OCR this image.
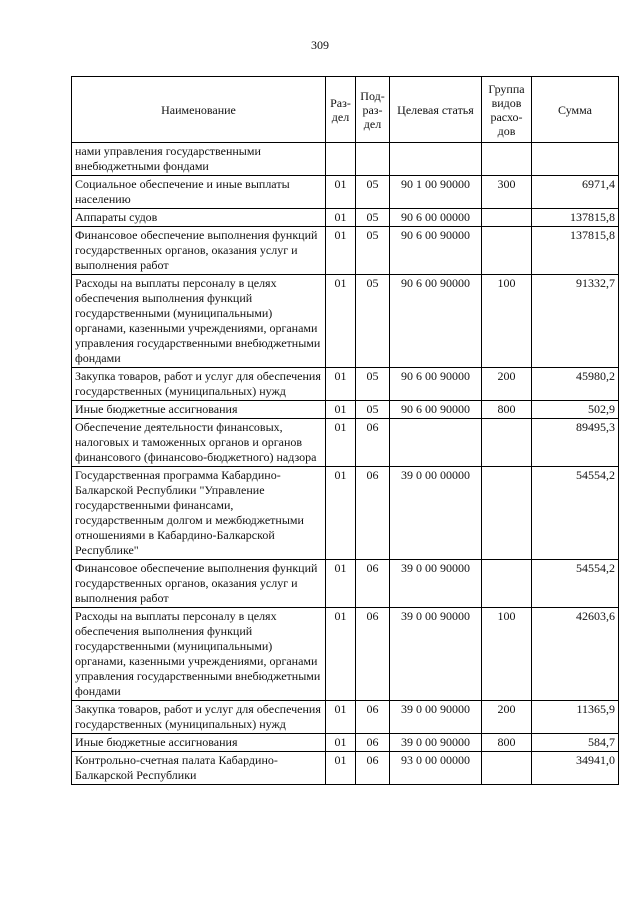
309
Наименование	Раз- дел	Под- раз- дел	Целевая статья	Группа видов расхо- дов	Сумма
нами управления государственными внебюджетными фондами					
Социальное обеспечение и иные выплаты населению	01	05	90 1 00 90000	300	6971,4
Аппараты судов	01	05	90 6 00 00000		137815,8
Финансовое обеспечение выполнения функций государственных органов, оказания услуг и выполнения работ	01	05	90 6 00 90000		137815,8
Расходы на выплаты персоналу в целях обеспечения выполнения функций государственными (муниципальными) органами, казенными учреждениями, органами управления государственными внебюджетными фондами	01	05	90 6 00 90000	100	91332,7
Закупка товаров, работ и услуг для обеспечения государственных (муниципальных) нужд	01	05	90 6 00 90000	200	45980,2
Иные бюджетные ассигнования	01	05	90 6 00 90000	800	502,9
Обеспечение деятельности финансовых, налоговых и таможенных органов и органов финансового (финансово-бюджетного) надзора	01	06			89495,3
Государственная программа Кабардино-Балкарской Республики "Управление государственными финансами, государственным долгом и межбюджетными отношениями в Кабардино-Балкарской Республике"	01	06	39 0 00 00000		54554,2
Финансовое обеспечение выполнения функций государственных органов, оказания услуг и выполнения работ	01	06	39 0 00 90000		54554,2
Расходы на выплаты персоналу в целях обеспечения выполнения функций государственными (муниципальными) органами, казенными учреждениями, органами управления государственными внебюджетными фондами	01	06	39 0 00 90000	100	42603,6
Закупка товаров, работ и услуг для обеспечения государственных (муниципальных) нужд	01	06	39 0 00 90000	200	11365,9
Иные бюджетные ассигнования	01	06	39 0 00 90000	800	584,7
Контрольно-счетная палата Кабардино-Балкарской Республики	01	06	93 0 00 00000		34941,0
